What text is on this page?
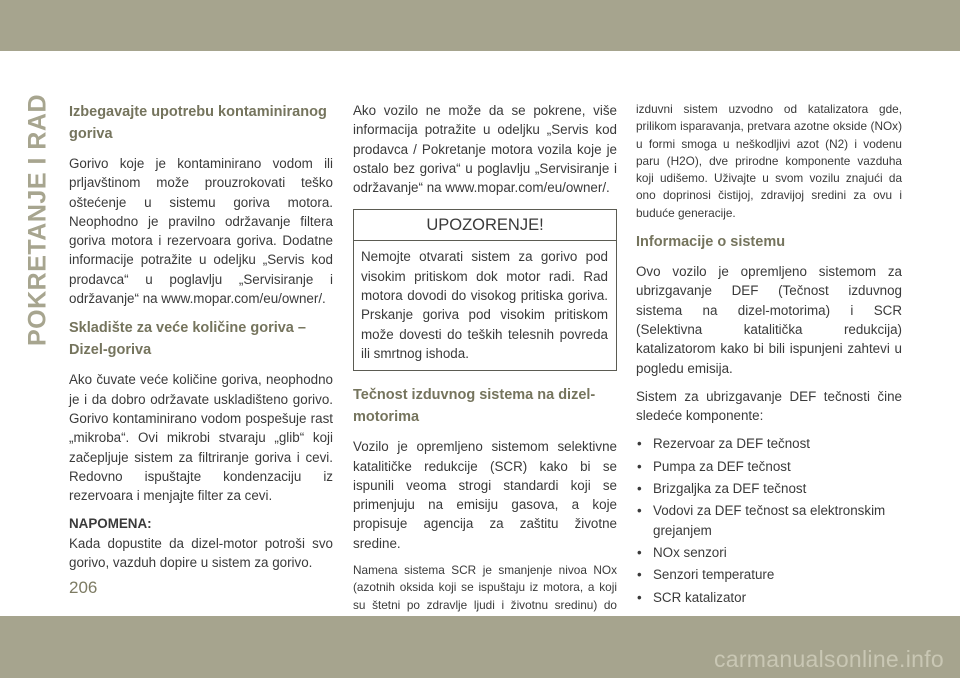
POKRETANJE I RAD Izbegavajte upotrebu kontaminiranog goriva

Gorivo koje je kontaminirano vodom ili prljavštinom može prouzrokovati teško oštećenje u sistemu goriva motora. Neophodno je pravilno održavanje filtera goriva motora i rezervoara goriva. Dodatne informacije potražite u odeljku „Servis kod prodavca“ u poglavlju „Servisiranje i održavanje“ na www.mopar.com/eu/owner/.

Skladište za veće količine goriva – Dizel-goriva

Ako čuvate veće količine goriva, neophodno je i da dobro održavate uskladišteno gorivo. Gorivo kontaminirano vodom pospešuje rast „mikroba“. Ovi mikrobi stvaraju „glib“ koji začepljuje sistem za filtriranje goriva i cevi. Redovno ispuštajte kondenzaciju iz rezervoara i menjajte filter za cevi.

NAPOMENA:

Kada dopustite da dizel-motor potroši svo gorivo, vazduh dopire u sistem za gorivo.

Ako vozilo ne može da se pokrene, više informacija potražite u odeljku „Servis kod prodavca / Pokretanje motora vozila koje je ostalo bez goriva“ u poglavlju „Servisiranje i održavanje“ na www.mopar.com/eu/owner/.

UPOZORENJE!
Nemojte otvarati sistem za gorivo pod visokim pritiskom dok motor radi. Rad motora dovodi do visokog pritiska goriva. Prskanje goriva pod visokim pritiskom može dovesti do teških telesnih povreda ili smrtnog ishoda.
Tečnost izduvnog sistema na dizel-motorima

Vozilo je opremljeno sistemom selektivne katalitičke redukcije (SCR) kako bi se ispunili veoma strogi standardi koji se primenjuju na emisiju gasova, a koje propisuje agencija za zaštitu životne sredine.

Namena sistema SCR je smanjenje nivoa NOx (azotnih oksida koji se ispuštaju iz motora, a koji su štetni po zdravlje ljudi i životnu sredinu) do

izduvni sistem uzvodno od katalizatora gde, prilikom isparavanja, pretvara azotne okside (NOx) u formi smoga u neškodljivi azot (N2) i vodenu paru (H2O), dve prirodne komponente vazduha koji udišemo. Uživajte u svom vozilu znajući da ono doprinosi čistijoj, zdravijoj sredini za ovu i buduće generacije.

Informacije o sistemu

Ovo vozilo je opremljeno sistemom za ubrizgavanje DEF (Tečnost izduvnog sistema na dizel-motorima) i SCR (Selektivna katalitička redukcija) katalizatorom kako bi bili ispunjeni zahtevi u pogledu emisija.

Sistem za ubrizgavanje DEF tečnosti čine sledeće komponente:

• Rezervoar za DEF tečnost
• Pumpa za DEF tečnost
• Brizgaljka za DEF tečnost
• Vodovi za DEF tečnost sa elektronskim grejanjem
• NOx senzori
• Senzori temperature
• SCR katalizator
206
carmanualsonline.info
